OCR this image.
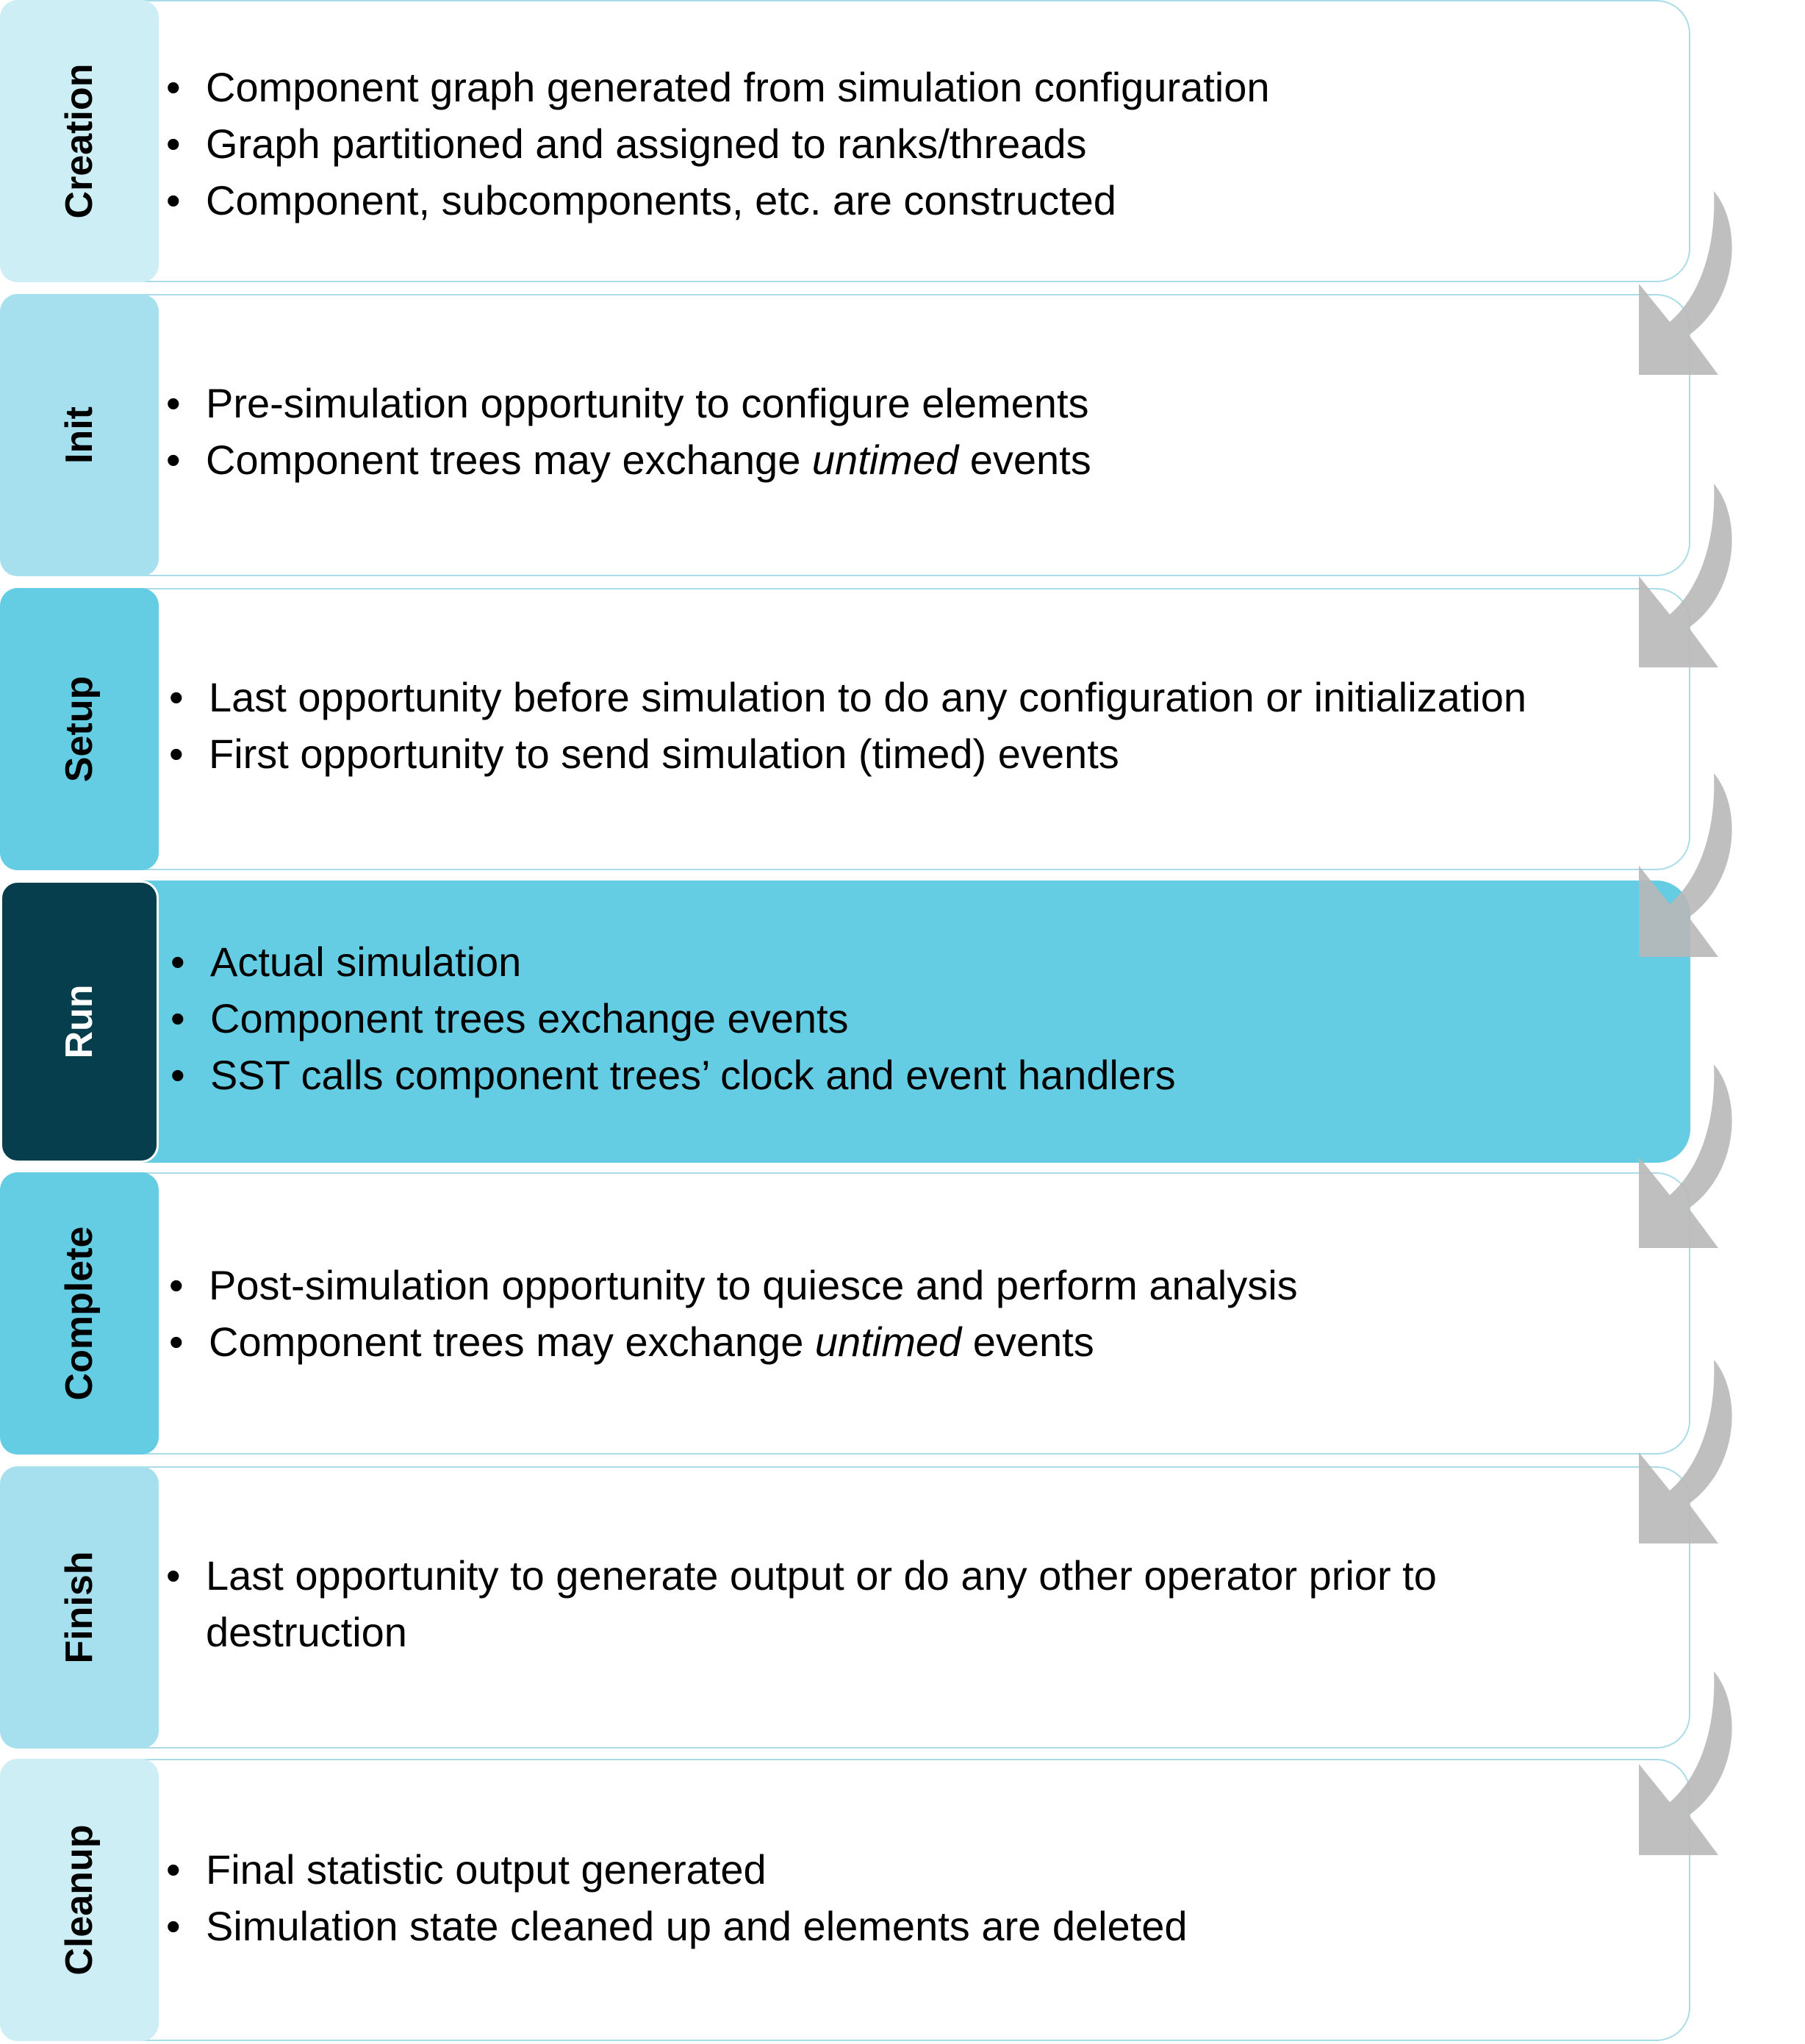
Creation • Component graph generated from simulation configuration
• Graph partitioned and assigned to ranks/threads
• Component, subcomponents, etc. are constructed
Init
• Pre-simulation opportunity to configure elements
• Component trees may exchange untimed events
Setup • Last opportunity before simulation to do any configuration or initialization
• First opportunity to send simulation (timed) events
Run
• Actual simulation
• Component trees exchange events
• SST calls component trees’ clock and event handlers
Complete • Post-simulation opportunity to quiesce and perform analysis
• Component trees may exchange untimed events
Finish • Last opportunity to generate output or do any other operator prior to destruction
Cleanup • Final statistic output generated
• Simulation state cleaned up and elements are deleted
